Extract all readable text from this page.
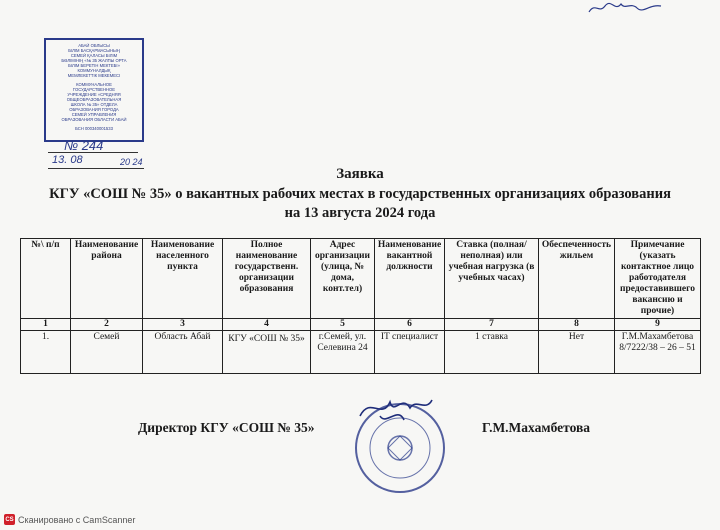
АБАЙ ОБЛЫСЫ
БІЛІМ БАСҚАРМАСЫНЫҢ
СЕМЕЙ ҚАЛАСЫ БІЛІМ
БӨЛІМІНІҢ «№ 35 ЖАЛПЫ ОРТА
БІЛІМ БЕРЕТІН МЕКТЕБІ»
КОММУНАЛДЫҚ
МЕМЛЕКЕТТІК МЕКЕМЕСІ
КОММУНАЛЬНОЕ
ГОСУДАРСТВЕННОЕ
УЧРЕЖДЕНИЕ «СРЕДНЯЯ
ОБЩЕОБРАЗОВАТЕЛЬНАЯ
ШКОЛА № 35» ОТДЕЛА
ОБРАЗОВАНИЯ ГОРОДА
СЕМЕЙ УПРАВЛЕНИЯ
ОБРАЗОВАНИЯ ОБЛАСТИ АБАЙ
БСН 000340001533
№ 244
13. 08	20 24
Заявка
КГУ «СОШ № 35» о вакантных рабочих местах в государственных организациях образования
на 13 августа 2024 года
№\ п/п	Наименование района	Наименование населенного пункта	Полное наименование государственн. организации образования	Адрес организации (улица, № дома, конт.тел)	Наименование вакантной должности	Ставка (полная/неполная) или учебная нагрузка (в учебных часах)	Обеспеченность жильем	Примечание (указать контактное лицо работодателя предоставившего вакансию и прочие)
1	2	3	4	5	6	7	8	9
1.	Семей	Область Абай	КГУ «СОШ № 35»	г.Семей, ул. Селевина 24	IT специалист	1 ставка	Нет	Г.М.Махамбетова 8/7222/38 – 26 – 51
Директор КГУ «СОШ № 35»	Г.М.Махамбетова
CS Сканировано с CamScanner
